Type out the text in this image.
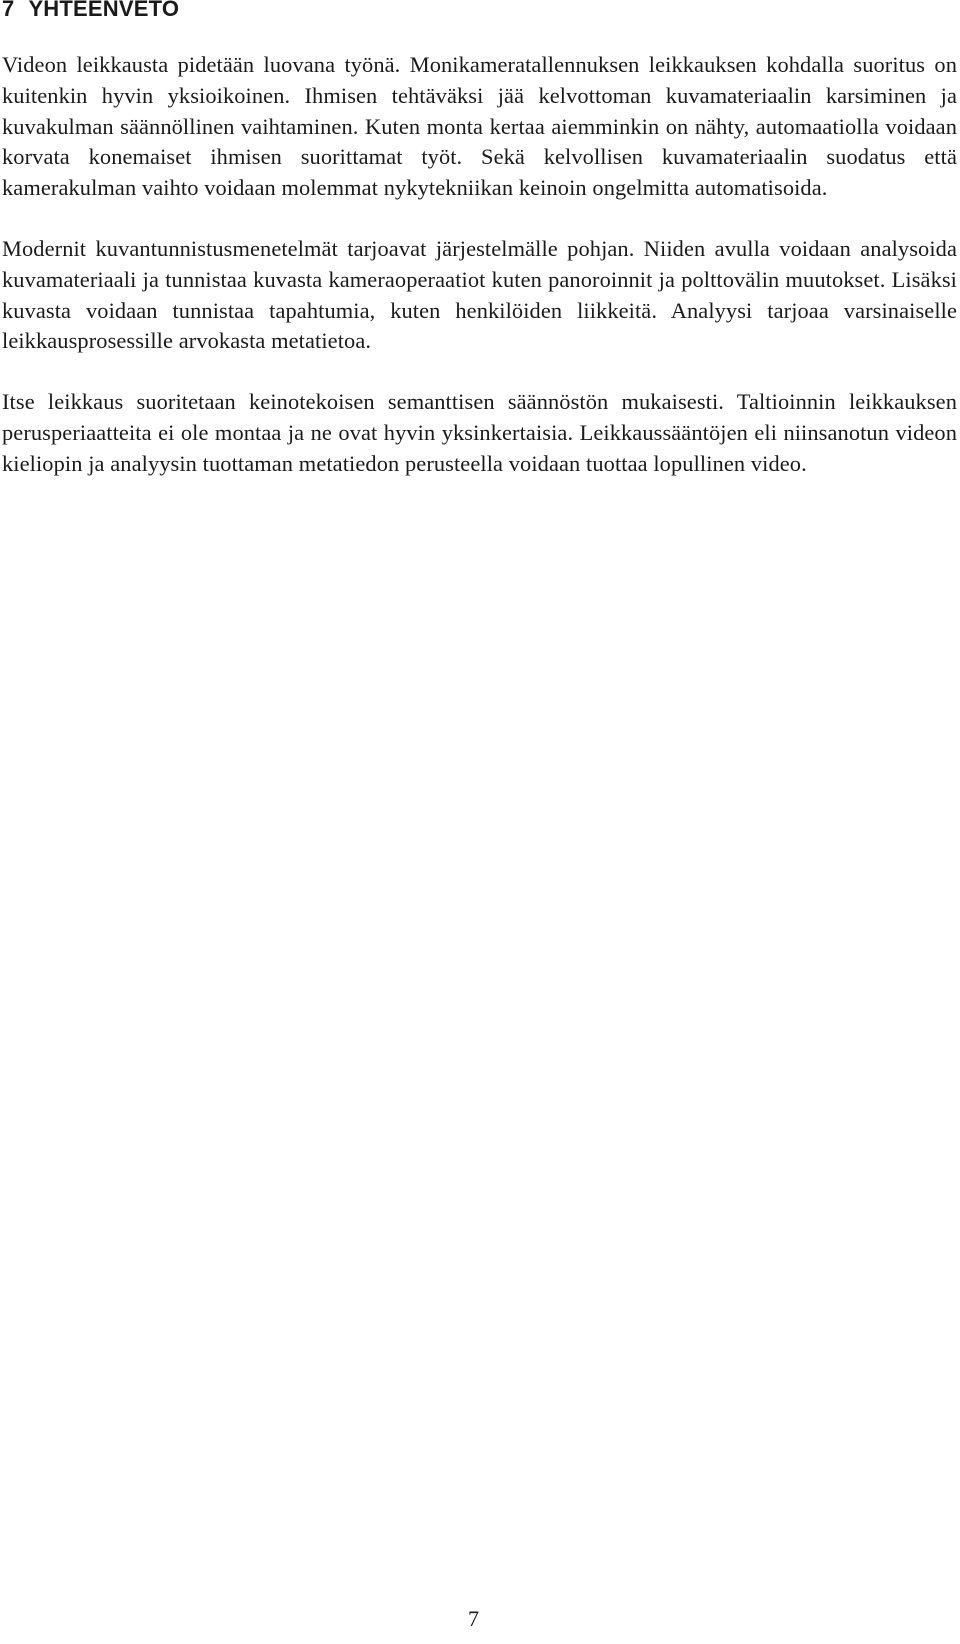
7 YHTEENVETO

Videon leikkausta pidetään luovana työnä. Monikameratallennuksen leikkauksen kohdalla suoritus on kuitenkin hyvin yksioikoinen. Ihmisen tehtäväksi jää kelvottoman kuvamateriaalin karsiminen ja kuvakulman säännöllinen vaihtaminen. Kuten monta kertaa aiemminkin on nähty, automaatiolla voidaan korvata konemaiset ihmisen suorittamat työt. Sekä kelvollisen kuvamateriaalin suodatus että kamerakulman vaihto voidaan molemmat nykytekniikan keinoin ongelmitta automatisoida.

Modernit kuvantunnistusmenetelmät tarjoavat järjestelmälle pohjan. Niiden avulla voidaan analysoida kuvamateriaali ja tunnistaa kuvasta kameraoperaatiot kuten panoroinnit ja polttovälin muutokset. Lisäksi kuvasta voidaan tunnistaa tapahtumia, kuten henkilöiden liikkeitä. Analyysi tarjoaa varsinaiselle leikkausprosessille arvokasta metatietoa.

Itse leikkaus suoritetaan keinotekoisen semanttisen säännöstön mukaisesti. Taltioinnin leikkauksen perusperiaatteita ei ole montaa ja ne ovat hyvin yksinkertaisia. Leikkaussääntöjen eli niinsanotun videon kieliopin ja analyysin tuottaman metatiedon perusteella voidaan tuottaa lopullinen video.

7
